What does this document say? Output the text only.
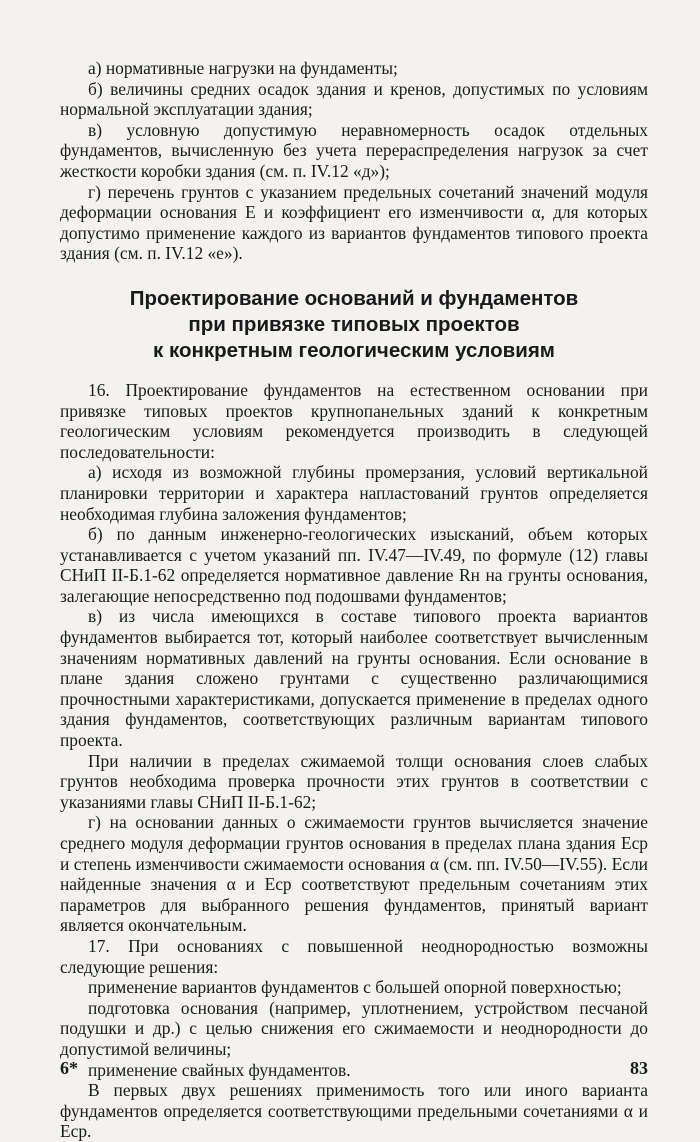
а) нормативные нагрузки на фундаменты;

б) величины средних осадок здания и кренов, допустимых по условиям нормальной эксплуатации здания;

в) условную допустимую неравномерность осадок отдельных фундаментов, вычисленную без учета перераспределения нагрузок за счет жесткости коробки здания (см. п. IV.12 «д»);

г) перечень грунтов с указанием предельных сочетаний значений модуля деформации основания E и коэффициент его изменчивости α, для которых допустимо применение каждого из вариантов фундаментов типового проекта здания (см. п. IV.12 «е»).

Проектирование оснований и фундаментов
при привязке типовых проектов
к конкретным геологическим условиям

16. Проектирование фундаментов на естественном основании при привязке типовых проектов крупнопанельных зданий к конкретным геологическим условиям рекомендуется производить в следующей последовательности:

а) исходя из возможной глубины промерзания, условий вертикальной планировки территории и характера напластований грунтов определяется необходимая глубина заложения фундаментов;

б) по данным инженерно-геологических изысканий, объем которых устанавливается с учетом указаний пп. IV.47—IV.49, по формуле (12) главы СНиП II-Б.1-62 определяется нормативное давление Rн на грунты основания, залегающие непосредственно под подошвами фундаментов;

в) из числа имеющихся в составе типового проекта вариантов фундаментов выбирается тот, который наиболее соответствует вычисленным значениям нормативных давлений на грунты основания. Если основание в плане здания сложено грунтами с существенно различающимися прочностными характеристиками, допускается применение в пределах одного здания фундаментов, соответствующих различным вариантам типового проекта.

При наличии в пределах сжимаемой толщи основания слоев слабых грунтов необходима проверка прочности этих грунтов в соответствии с указаниями главы СНиП II-Б.1-62;

г) на основании данных о сжимаемости грунтов вычисляется значение среднего модуля деформации грунтов основания в пределах плана здания Eср и степень изменчивости сжимаемости основания α (см. пп. IV.50—IV.55). Если найденные значения α и Eср соответствуют предельным сочетаниям этих параметров для выбранного решения фундаментов, принятый вариант является окончательным.

17. При основаниях с повышенной неоднородностью возможны следующие решения:

применение вариантов фундаментов с большей опорной поверхностью;

подготовка основания (например, уплотнением, устройством песчаной подушки и др.) с целью снижения его сжимаемости и неоднородности до допустимой величины;

применение свайных фундаментов.

В первых двух решениях применимость того или иного варианта фундаментов определяется соответствующими предельными сочетаниями α и Eср.

6*	83
